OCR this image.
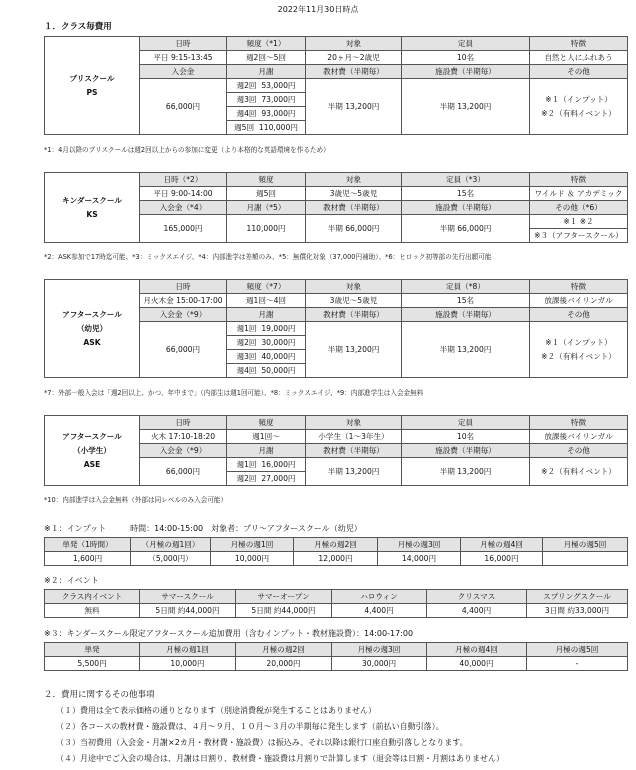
2022年11月30日時点
１．クラス毎費用
プリスクール
PS	日時	頻度（*1）	対象	定員	特徴
	平日 9:15-13:45	週2回〜5回	20ヶ月〜2歳児	10名	自然と人にふれあう
	入会金	月謝	教材費（半期毎）	施設費（半期毎）	その他
	66,000円	週2回 53,000円	半期 13,200円	半期 13,200円	※１（インプット）
※２（有料イベント）

		週3回 73,000円			
		週4回 93,000円			
		週5回 110,000円			
*1：4月以降のプリスクールは週2回以上からの参加に変更（より本格的な英語環境を作るため）
キンダースクール
KS	日時（*2）	頻度	対象	定員（*3）	特徴
	平日 9:00-14:00	週5回	3歳児〜5歳児	15名	ワイルド ＆ アカデミック
	入会金（*4）	月謝（*5）	教材費（半期毎）	施設費（半期毎）	その他（*6）
	165,000円	110,000円	半期 66,000円	半期 66,000円	※１ ※２
					※３（アフタースクール）
*2：ASK参加で17時迄可能、*3：ミックスエイジ、*4：内部進学は差額のみ、*5：無償化対象（37,000円補助）、*6：ヒロック初等部の先行出願可能
アフタースクール
（幼児）
ASK	日時	頻度（*7）	対象	定員（*8）	特徴
	月火木金 15:00-17:00	週1回〜4回	3歳児〜5歳児	15名	放課後バイリンガル
	入会金（*9）	月謝	教材費（半期毎）	施設費（半期毎）	その他
	66,000円	週1回 19,000円	半期 13,200円	半期 13,200円	※１（インプット）
※２（有料イベント）

		週2回 30,000円			
		週3回 40,000円			
		週4回 50,000円			
*7：外部一般入会は「週2回以上、かつ、年中まで」（内部生は週1回可能）、*8：ミックスエイジ、*9：内部進学生は入会金無料
アフタースクール
（小学生）
ASE	日時	頻度	対象	定員	特徴
	火木 17:10-18:20	週1回〜	小学生（1〜3年生）	10名	放課後バイリンガル
	入会金（*9）	月謝	教材費（半期毎）	施設費（半期毎）	その他
	66,000円	週1回 16,000円	半期 13,200円	半期 13,200円	※２（有料イベント）
		週2回 27,000円			
*10：内部進学は入会金無料（外部は同レベルのみ入会可能）
※１：インプット　　　時間：14:00-15:00　対象者：プリ〜アフタースクール（幼児）
単発（1時間）	（月極の週1回）	月極の週1回	月極の週2回	月極の週3回	月極の週4回	月極の週5回
1,600円	（5,000円）	10,000円	12,000円	14,000円	16,000円	
※２：イベント
クラス内イベント	サマースクール	サマーオープン	ハロウィン	クリスマス	スプリングスクール
無料	5日間 約44,000円	5日間 約44,000円	4,400円	4,400円	3日間 約33,000円
※３：キンダースクール限定アフタースクール追加費用（含むインプット・教材施設費）：14:00-17:00
単発	月極の週1回	月極の週2回	月極の週3回	月極の週4回	月極の週5回
5,500円	10,000円	20,000円	30,000円	40,000円	-
２．費用に関するその他事項
（１）費用は全て表示価格の通りとなります（別途消費税が発生することはありません）
（２）各コースの教材費・施設費は、４月〜９月、１０月〜３月の半期毎に発生します（前払い自動引落）。
（３）当初費用（入会金・月謝×2カ月・教材費・施設費）は振込み、それ以降は銀行口座自動引落しとなります。
（４）月途中でご入会の場合は、月謝は日割り、教材費・施設費は月割りで計算します（退会等は日割・月割はありません）
